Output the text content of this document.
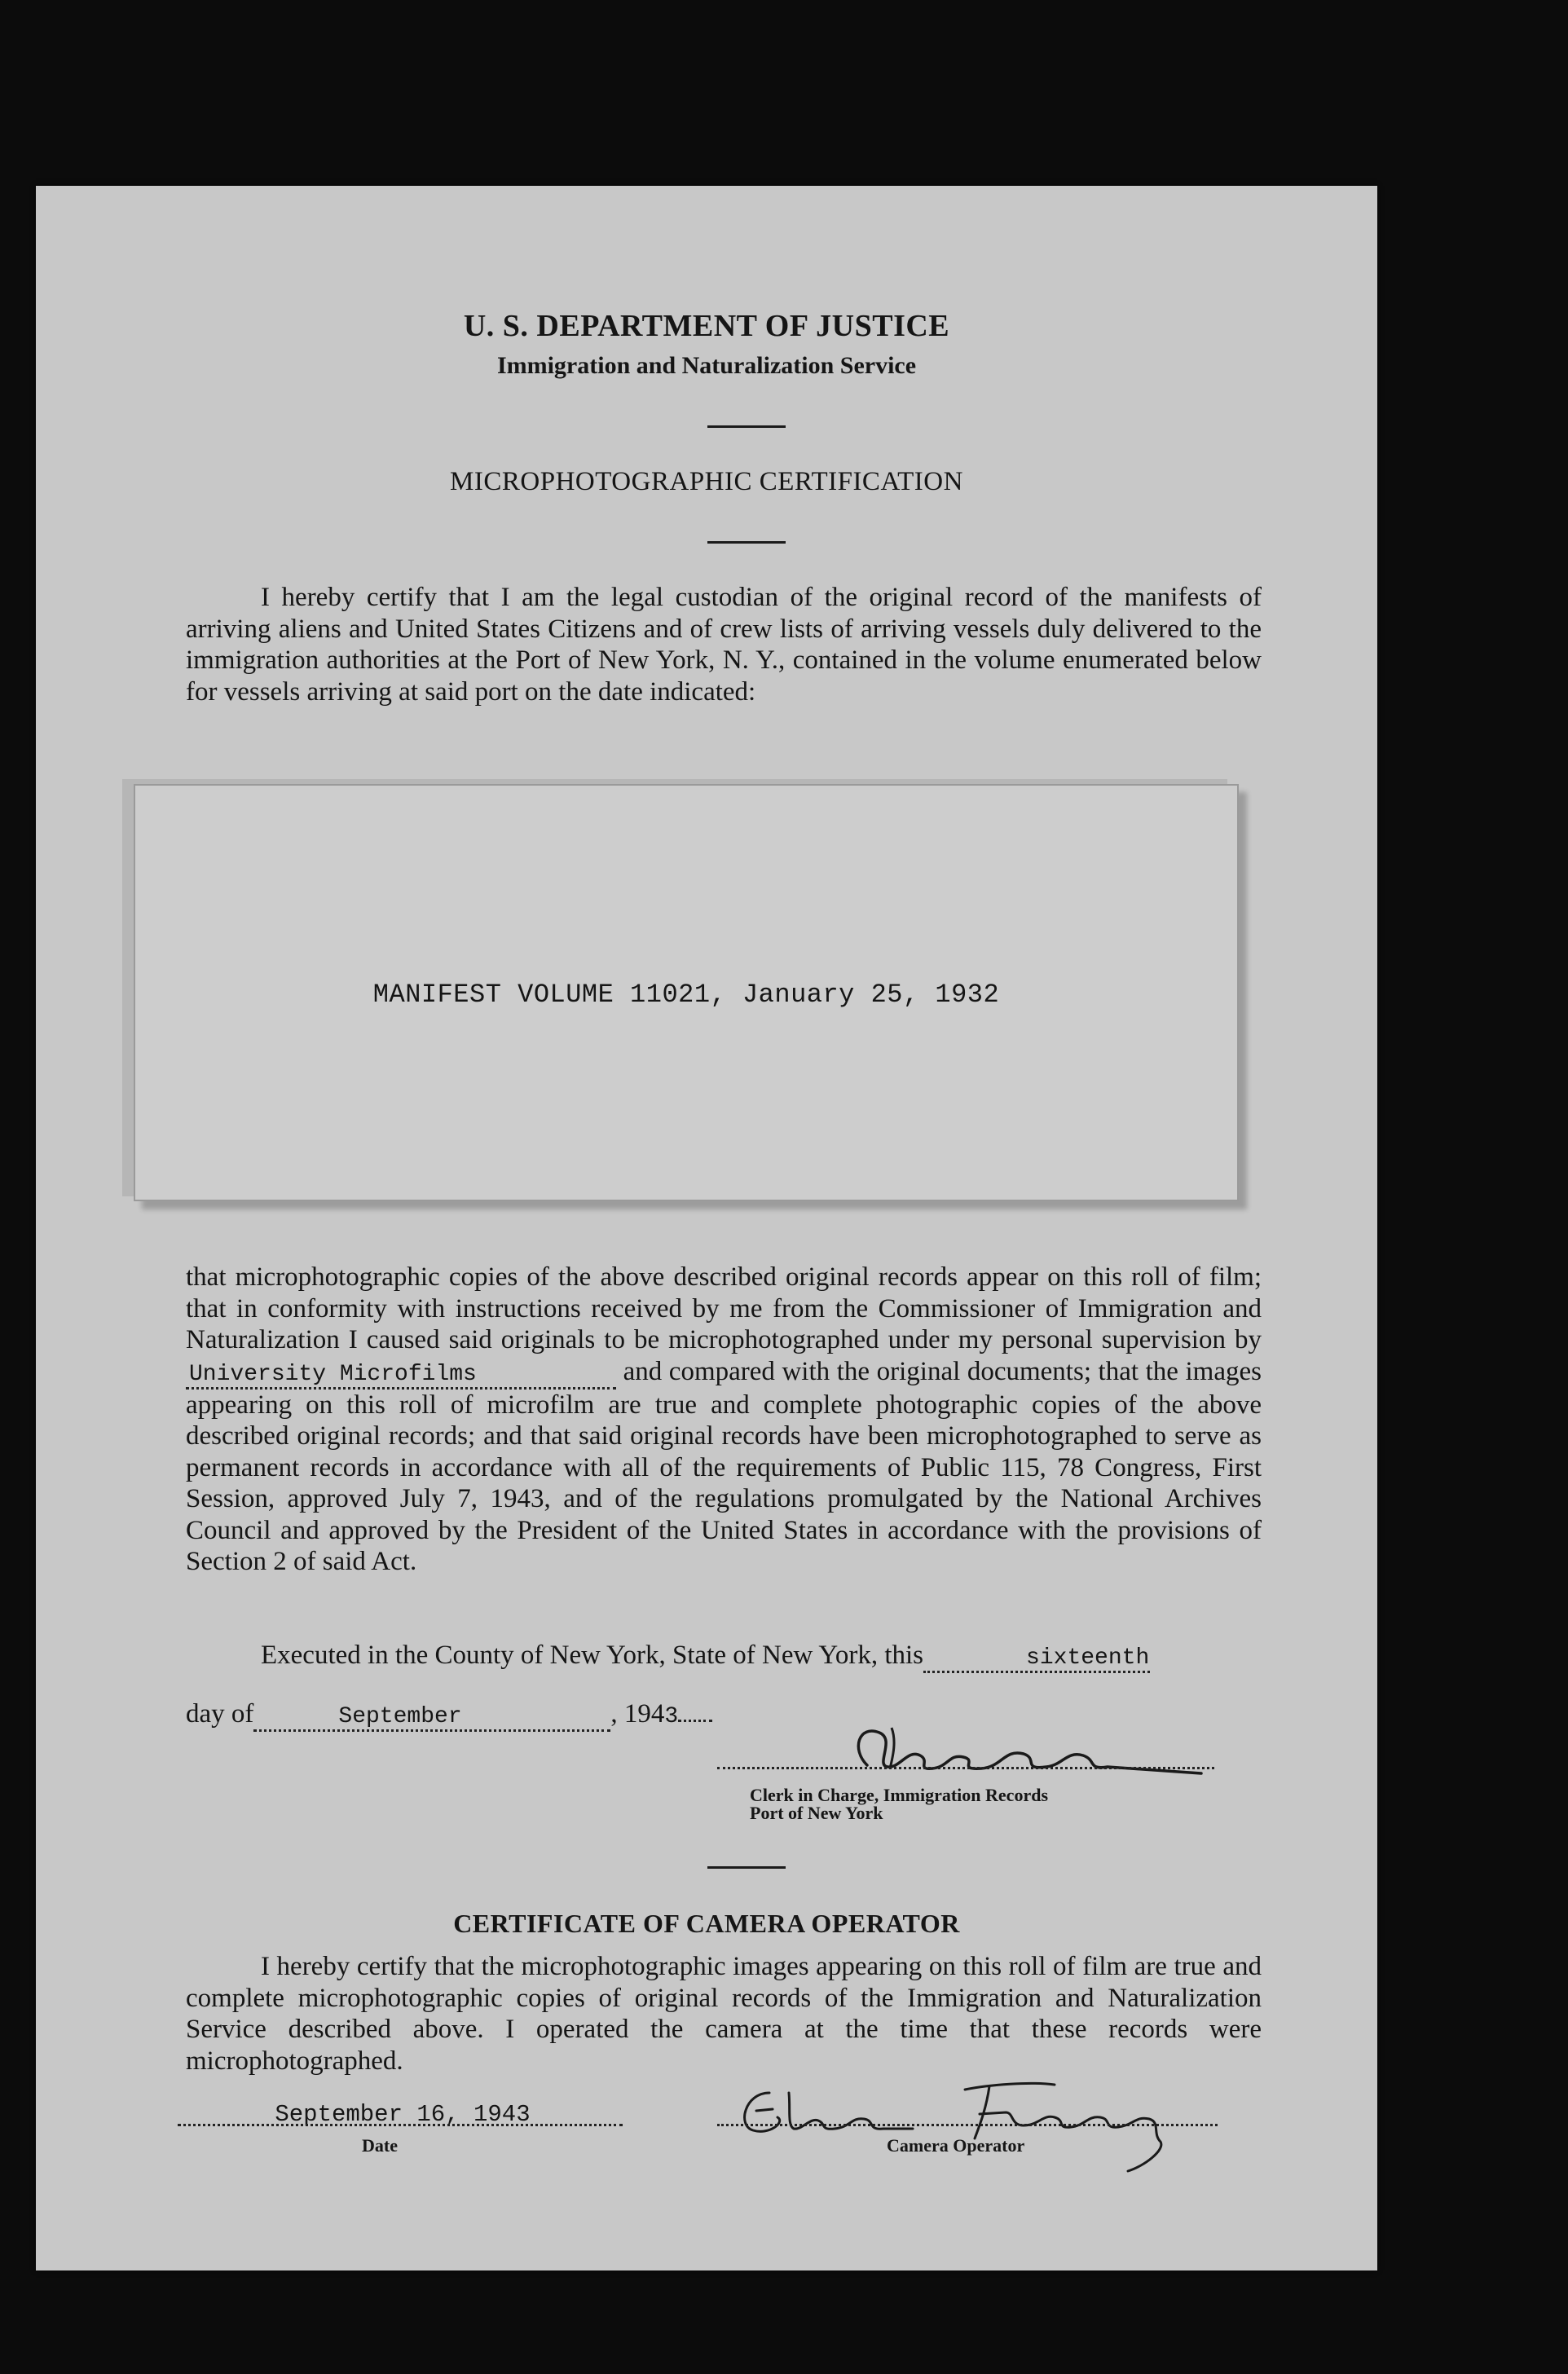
U. S. DEPARTMENT OF JUSTICE
Immigration and Naturalization Service
MICROPHOTOGRAPHIC CERTIFICATION

I hereby certify that I am the legal custodian of the original record of the manifests of arriving aliens and United States Citizens and of crew lists of arriving vessels duly delivered to the immigration authorities at the Port of New York, N. Y., contained in the volume enumerated below for vessels arriving at said port on the date indicated:

MANIFEST VOLUME 11021, January 25, 1932

that microphotographic copies of the above described original records appear on this roll of film; that in conformity with instructions received by me from the Commissioner of Immigration and Naturalization I caused said originals to be microphotographed under my personal supervision byUniversity Microfilms	and compared with the original documents; that the images appearing on this roll of microfilm are true and complete photographic copies of the above described original records; and that said original records have been microphotographed to serve as permanent records in accordance with all of the requirements of Public 115, 78 Congress, First Session, approved July 7, 1943, and of the regulations promulgated by the National Archives Council and approved by the President of the United States in accordance with the provisions of Section 2 of said Act.

Executed in the County of New York, State of New York, this	sixteenth

day of	September	, 1943
Clerk in Charge, Immigration Records
Port of New York
CERTIFICATE OF CAMERA OPERATOR

I hereby certify that the microphotographic images appearing on this roll of film are true and complete microphotographic copies of original records of the Immigration and Naturalization Service described above. I operated the camera at the time that these records were microphotographed.

September 16, 1943
Date	Camera Operator
